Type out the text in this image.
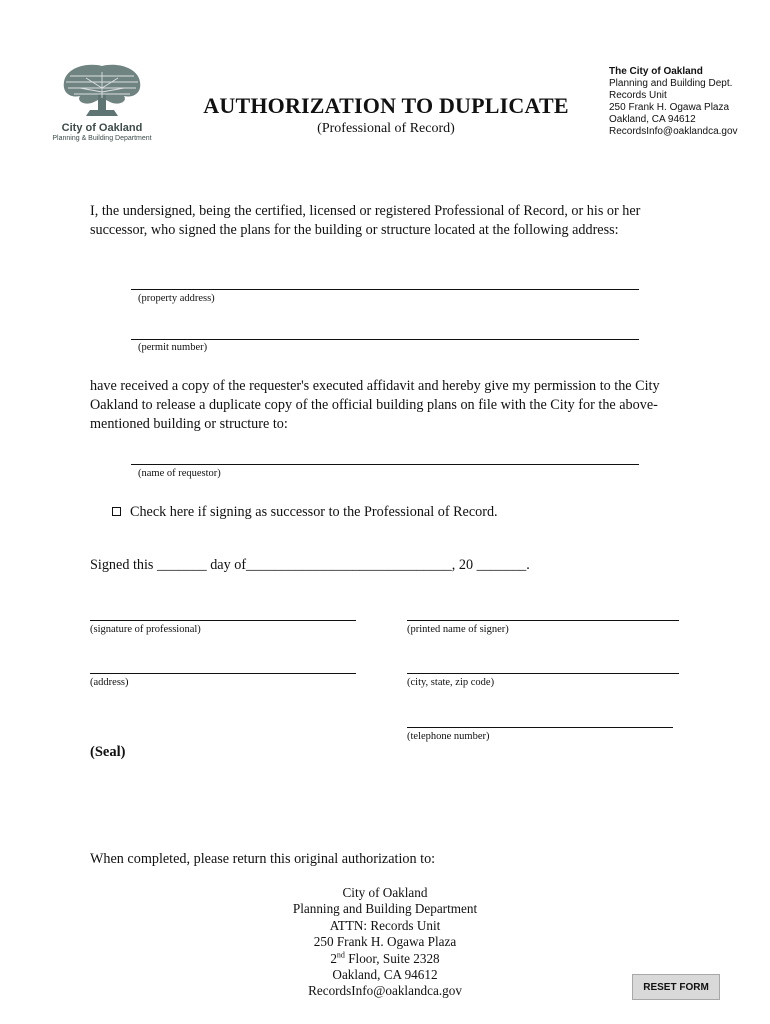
City of Oakland
Planning & Building Department
AUTHORIZATION TO DUPLICATE
(Professional of Record)
The City of Oakland
Planning and Building Dept.
Records Unit
250 Frank H. Ogawa Plaza
Oakland, CA 94612
RecordsInfo@oaklandca.gov
I, the undersigned, being the certified, licensed or registered Professional of Record, or his or her successor, who signed the plans for the building or structure located at the following address:
(property address)
(permit number)
have received a copy of the requester's executed affidavit and hereby give my permission to the City Oakland to release a duplicate copy of the official building plans on file with the City for the above-mentioned building or structure to:
(name of requestor)
Check here if signing as successor to the Professional of Record.
Signed this _______ day of_____________________________, 20 _______.
(signature of professional)	(printed name of signer)
(address)	(city, state, zip code)
(telephone number)
(Seal)
When completed, please return this original authorization to:
City of Oakland
Planning and Building Department
ATTN: Records Unit
250 Frank H. Ogawa Plaza
2nd Floor, Suite 2328
Oakland, CA 94612
RecordsInfo@oaklandca.gov	RESET FORM
